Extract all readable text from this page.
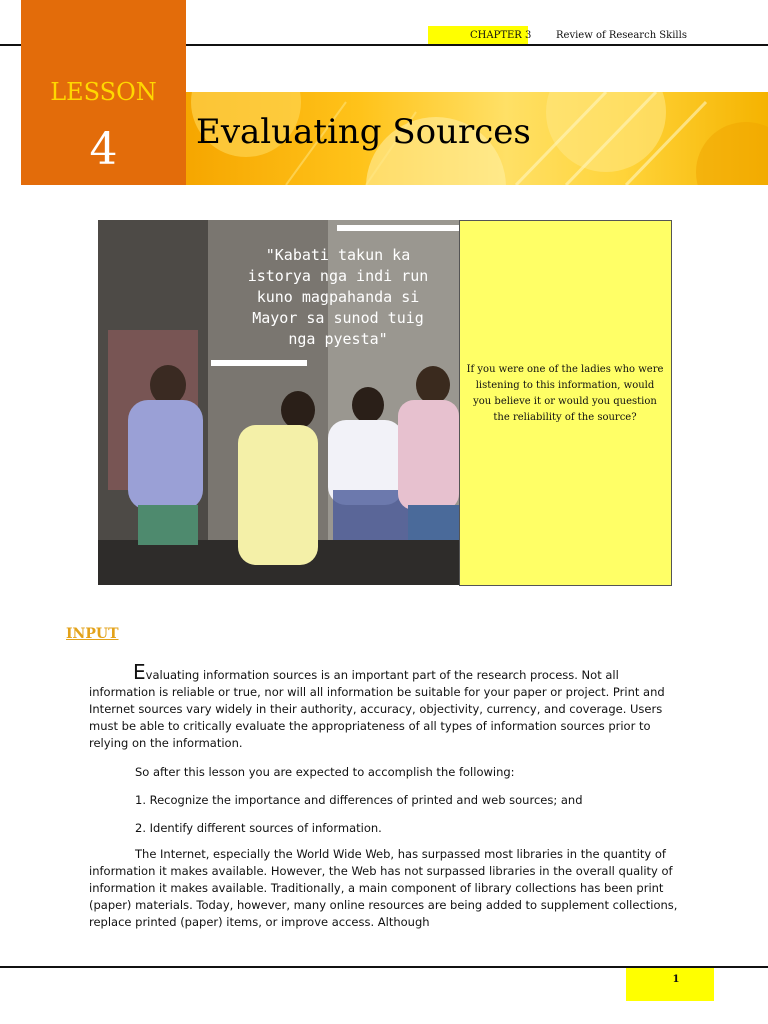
CHAPTER 3 Review of Research Skills
Evaluating Sources
LESSON
4
"Kabati takun ka
istorya nga indi run
kuno magpahanda si
Mayor sa sunod tuig
nga pyesta"
If you were one of the ladies who were listening to this information, would you believe it or would you question the reliability of the source?
INPUT

Evaluating information sources is an important part of the research process. Not all information is reliable or true, nor will all information be suitable for your paper or project. Print and Internet sources vary widely in their authority, accuracy, objectivity, currency, and coverage. Users must be able to critically evaluate the appropriateness of all types of information sources prior to relying on the information.

So after this lesson you are expected to accomplish the following:

1. Recognize the importance and differences of printed and web sources; and

2. Identify different sources of information.

The Internet, especially the World Wide Web, has surpassed most libraries in the quantity of information it makes available. However, the Web has not surpassed libraries in the overall quality of information it makes available. Traditionally, a main component of library collections has been print (paper) materials. Today, however, many online resources are being added to supplement collections, replace printed (paper) items, or improve access. Although

1
